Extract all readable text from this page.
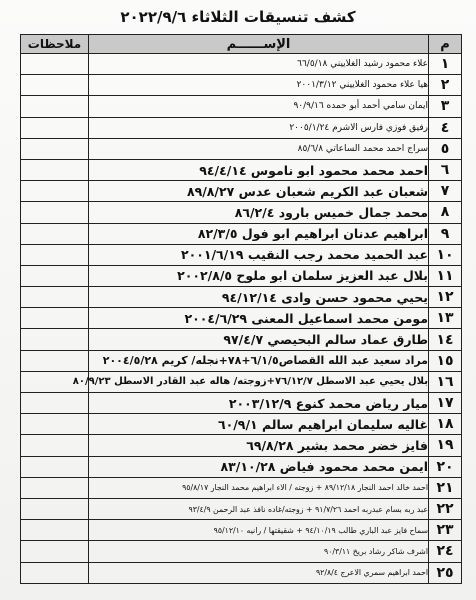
كشف تنسيقات الثلاثاء ٢٠٢٢/٩/٦
م	الإســــــم	ملاحظات
١	علاء محمود رشيد الغلاييني ٦٦/٥/١٨	
٢	هيا علاء محمود الغلاييني ٢٠٠١/٣/١٢	
٣	ايمان سامي أحمد أبو حمده ٩٠/٩/١٦	
٤	رفيق فوزي فارس الاشرم ٢٠٠٥/١/٢٤	
٥	سراج احمد محمد الساعاتي ٨٥/٦/٨	
٦	احمد محمد محمود ابو ناموس ٩٤/٤/١٤	
٧	شعبان عبد الكريم شعبان عدس ٨٩/٨/٢٧	
٨	محمد جمال خميس بارود ٨٦/٢/٤	
٩	ابراهيم عدنان ابراهيم ابو فول ٨٢/٣/٥	
١٠	عبد الحميد محمد رجب النقيب ٢٠٠١/٦/١٩	
١١	بلال عبد العزيز سلمان ابو ملوح ٢٠٠٢/٨/٥	
١٢	يحيي محمود حسن وادى ٩٤/١٢/١٤	
١٣	مومن محمد اسماعيل المعنى ٢٠٠٤/٦/٢٩	
١٤	طارق عماد سالم البحيصي ٩٧/٤/٧	
١٥	مراد سعيد عبد الله القصاص٦/١/٥+٧٨+نجله/ كريم ٢٠٠٤/٥/٢٨	
١٦	بلال يحيي عبد الاسطل ٧٦/١٢/٧+زوجته/ هاله عبد القادر الاسطل ٨٠/٩/٢٣	
١٧	ميار رياض محمد كنوع ٢٠٠٣/١٢/٩	
١٨	غاليه سليمان ابراهيم سالم ٦٠/٩/١	
١٩	فايز خضر محمد بشير ٦٩/٨/٢٨	
٢٠	ايمن محمد محمود فياض ٨٣/١٠/٢٨	
٢١	احمد خالد احمد النجار ٨٩/١٢/١٨ + زوجته / الاء ابراهيم محمد النجار ٩٥/٨/١٧	
٢٢	عبد ربه بسام عبدربه احمد ٩١/٧/٢٦ + زوجته/غاده نافذ عبد الرحمن ٩٣/٤/٩	
٢٣	سماح فايز عبد الباري طالب ٩٤/١٠/١٩ + شقيقتها / رانيه ٩٥/١٢/١٠	
٢٤	اشرف شاكر رشاد بريخ ٩٠/٣/١١	
٢٥	احمد ابراهيم سمري الاعرج ٩٢/٨/٤	
